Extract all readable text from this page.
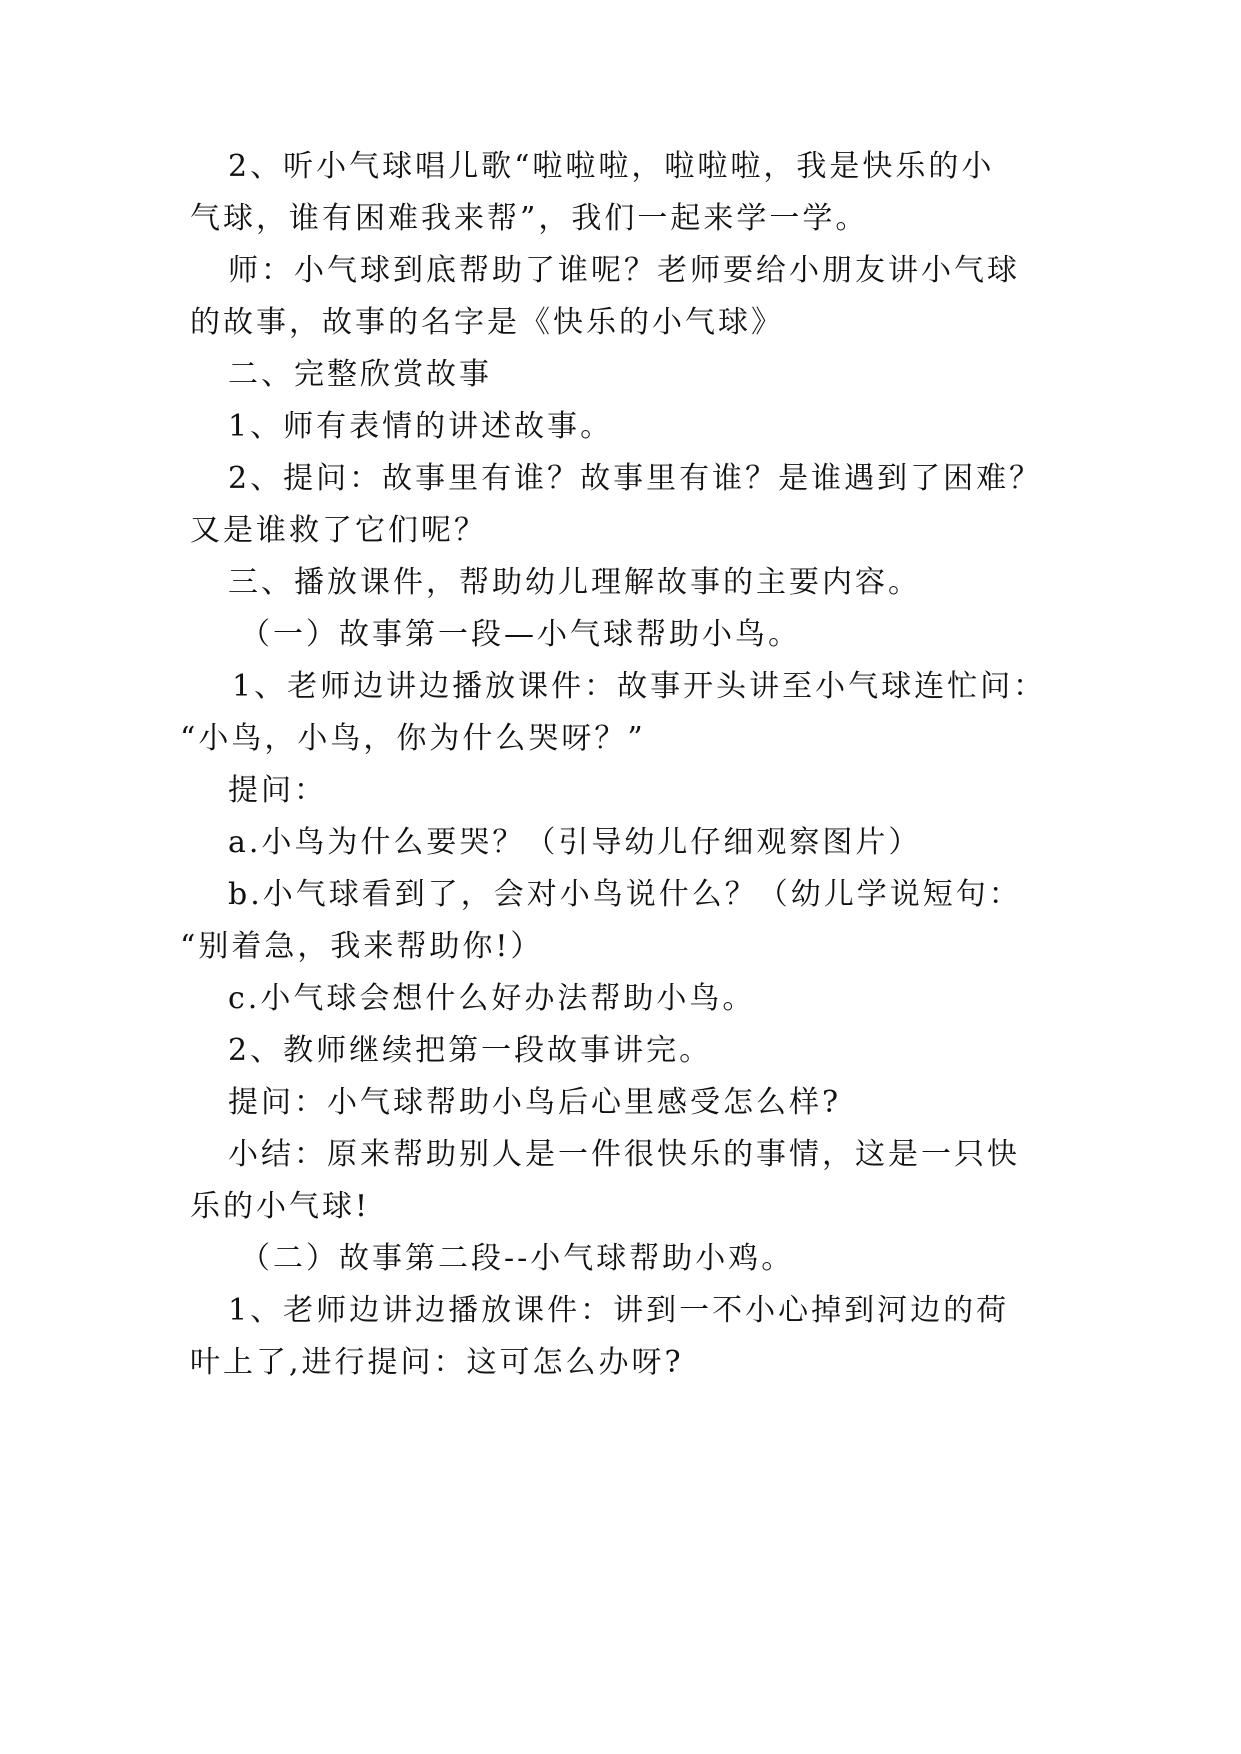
2、听小气球唱儿歌“啦啦啦，啦啦啦，我是快乐的小

气球，谁有困难我来帮”，我们一起来学一学。

师：小气球到底帮助了谁呢？老师要给小朋友讲小气球

的故事，故事的名字是《快乐的小气球》

二、完整欣赏故事

1、师有表情的讲述故事。

2、提问：故事里有谁？故事里有谁？是谁遇到了困难？

又是谁救了它们呢？

三、播放课件，帮助幼儿理解故事的主要内容。

（一）故事第一段—小气球帮助小鸟。

1、老师边讲边播放课件：故事开头讲至小气球连忙问：

“小鸟，小鸟，你为什么哭呀？”

提问：

a.小鸟为什么要哭？（引导幼儿仔细观察图片）

b.小气球看到了，会对小鸟说什么？（幼儿学说短句：

“别着急，我来帮助你!）

c.小气球会想什么好办法帮助小鸟。

2、教师继续把第一段故事讲完。

提问：小气球帮助小鸟后心里感受怎么样?

小结：原来帮助别人是一件很快乐的事情，这是一只快

乐的小气球!

（二）故事第二段--小气球帮助小鸡。

1、老师边讲边播放课件：讲到一不小心掉到河边的荷

叶上了,进行提问：这可怎么办呀?
